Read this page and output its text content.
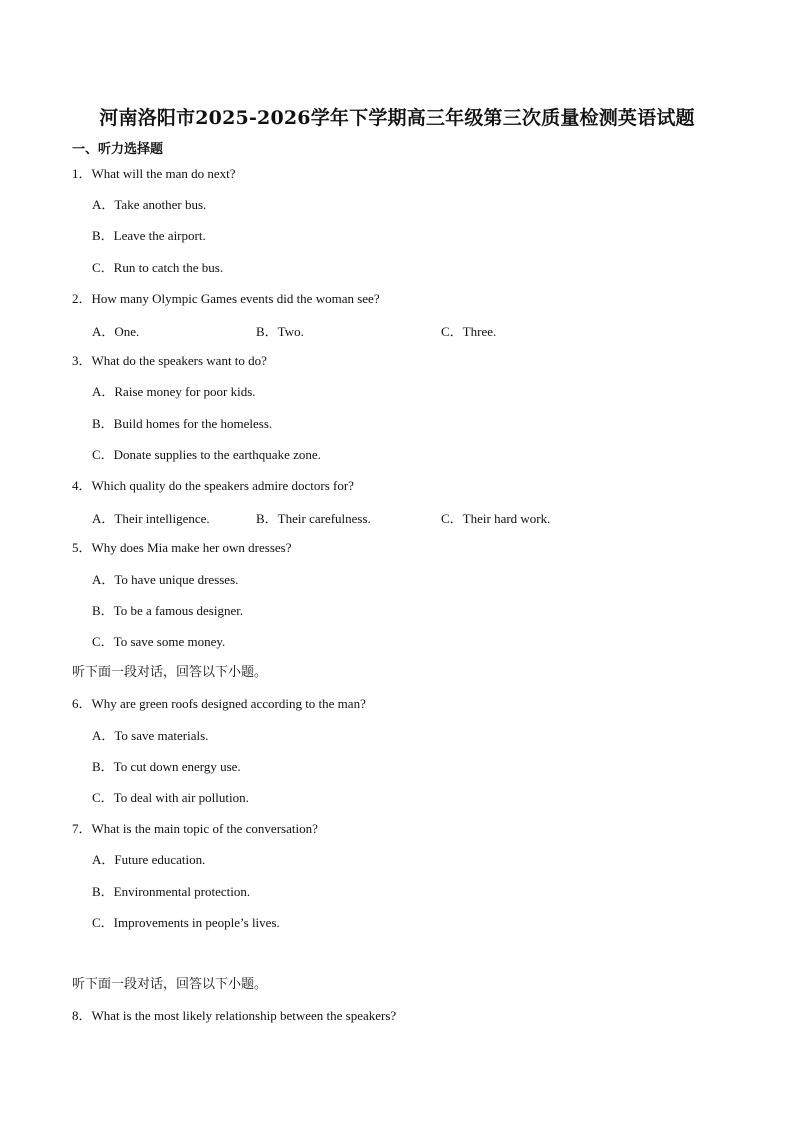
河南洛阳市2025-2026学年下学期高三年级第三次质量检测英语试题
一、听力选择题
1．What will the man do next?
A．Take another bus.
B．Leave the airport.
C．Run to catch the bus.
2．How many Olympic Games events did the woman see?
A．One.	B．Two.	C．Three.
3．What do the speakers want to do?
A．Raise money for poor kids.
B．Build homes for the homeless.
C．Donate supplies to the earthquake zone.
4．Which quality do the speakers admire doctors for?
A．Their intelligence.	B．Their carefulness.	C．Their hard work.
5．Why does Mia make her own dresses?
A．To have unique dresses.
B．To be a famous designer.
C．To save some money.
听下面一段对话，回答以下小题。
6．Why are green roofs designed according to the man?
A．To save materials.
B．To cut down energy use.
C．To deal with air pollution.
7．What is the main topic of the conversation?
A．Future education.
B．Environmental protection.
C．Improvements in people’s lives.
听下面一段对话，回答以下小题。
8．What is the most likely relationship between the speakers?
